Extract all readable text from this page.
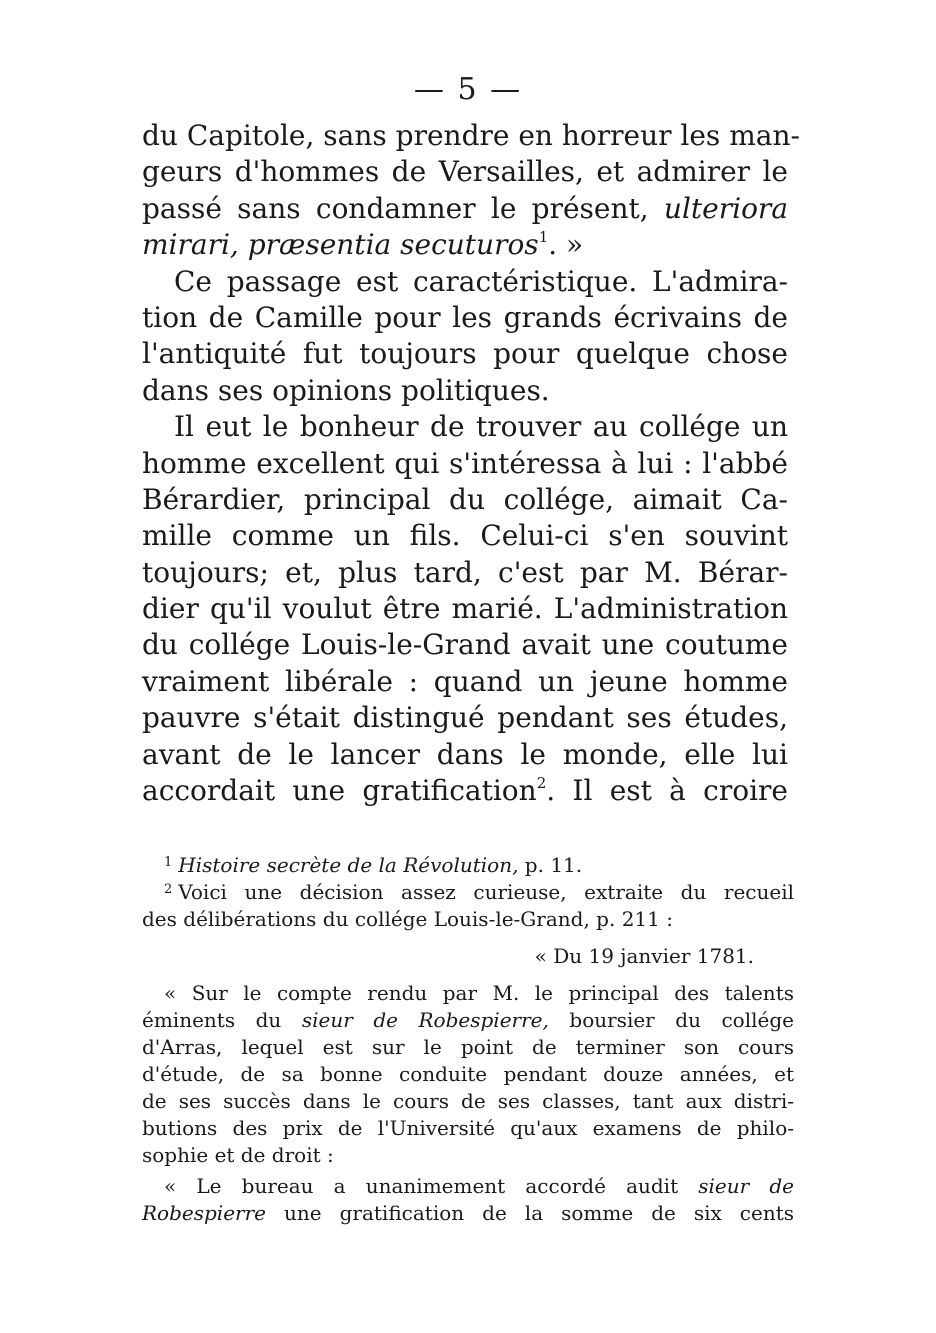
— 5 —
du Capitole, sans prendre en horreur les man-
geurs d'hommes de Versailles, et admirer le
passé sans condamner le présent, ulteriora
mirari, præsentia secuturos$^1$. »
Ce passage est caractéristique. L'admira-
tion de Camille pour les grands écrivains de
l'antiquité fut toujours pour quelque chose
dans ses opinions politiques.
Il eut le bonheur de trouver au collége un
homme excellent qui s'intéressa à lui : l'abbé
Bérardier, principal du collége, aimait Ca-
mille comme un fils. Celui-ci s'en souvint
toujours; et, plus tard, c'est par M. Bérar-
dier qu'il voulut être marié. L'administration
du collége Louis-le-Grand avait une coutume
vraiment libérale : quand un jeune homme
pauvre s'était distingué pendant ses études,
avant de le lancer dans le monde, elle lui
accordait une gratification$^2$. Il est à croire
$^1$ Histoire secrète de la Révolution, p. 11.
$^2$ Voici une décision assez curieuse, extraite du recueil
des délibérations du collége Louis-le-Grand, p. 211 :
« Du 19 janvier 1781.
« Sur le compte rendu par M. le principal des talents
éminents du sieur de Robespierre, boursier du collége
d'Arras, lequel est sur le point de terminer son cours
d'étude, de sa bonne conduite pendant douze années, et
de ses succès dans le cours de ses classes, tant aux distri-
butions des prix de l'Université qu'aux examens de philo-
sophie et de droit :
« Le bureau a unanimement accordé audit sieur de
Robespierre une gratification de la somme de six cents
